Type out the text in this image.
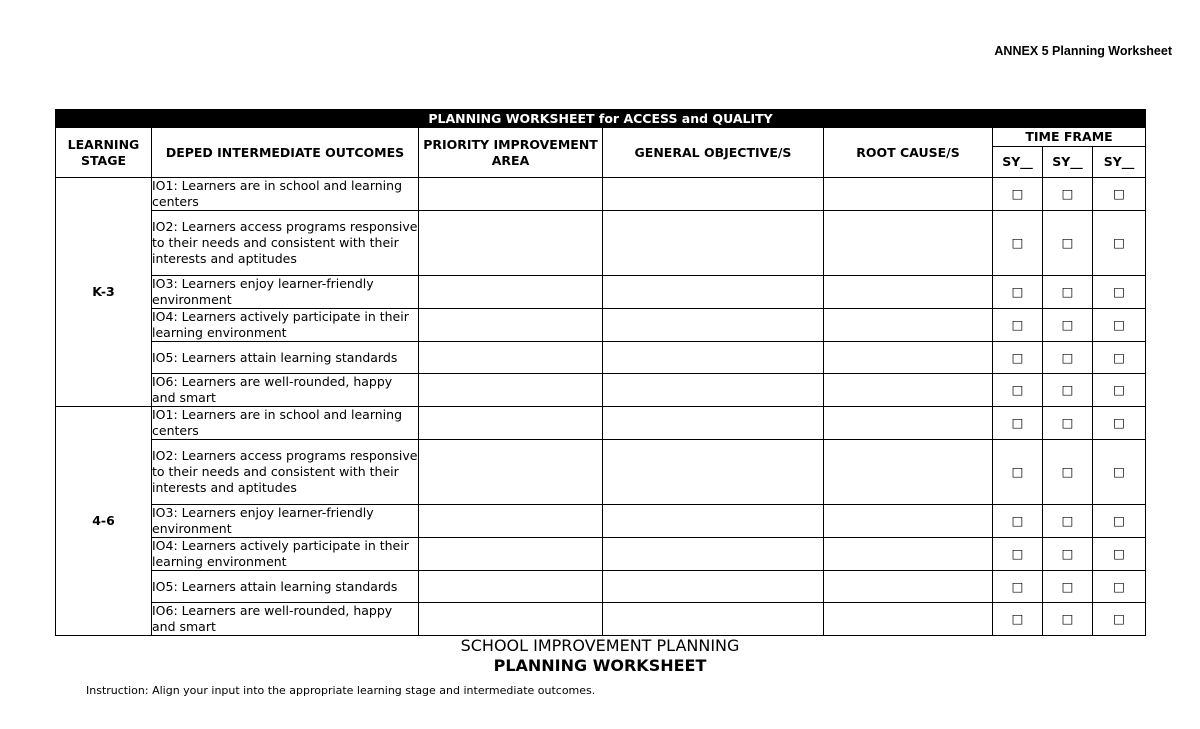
ANNEX 5 Planning Worksheet
PLANNING WORKSHEET for ACCESS and QUALITY							
LEARNING STAGE	DEPED INTERMEDIATE OUTCOMES	PRIORITY IMPROVEMENT AREA	GENERAL OBJECTIVE/S	ROOT CAUSE/S	TIME FRAME		
					SY__	SY__	SY__
K-3	IO1: Learners are in school and learning centers				□	□	□
	IO2: Learners access programs responsive to their needs and consistent with their interests and aptitudes				□	□	□
	IO3: Learners enjoy learner-friendly environment				□	□	□
	IO4: Learners actively participate in their learning environment				□	□	□
	IO5: Learners attain learning standards				□	□	□
	IO6: Learners are well-rounded, happy and smart				□	□	□
4-6	IO1: Learners are in school and learning centers				□	□	□
	IO2: Learners access programs responsive to their needs and consistent with their interests and aptitudes				□	□	□
	IO3: Learners enjoy learner-friendly environment				□	□	□
	IO4: Learners actively participate in their learning environment				□	□	□
	IO5: Learners attain learning standards				□	□	□
	IO6: Learners are well-rounded, happy and smart				□	□	□
SCHOOL IMPROVEMENT PLANNING
PLANNING WORKSHEET
Instruction: Align your input into the appropriate learning stage and intermediate outcomes.
